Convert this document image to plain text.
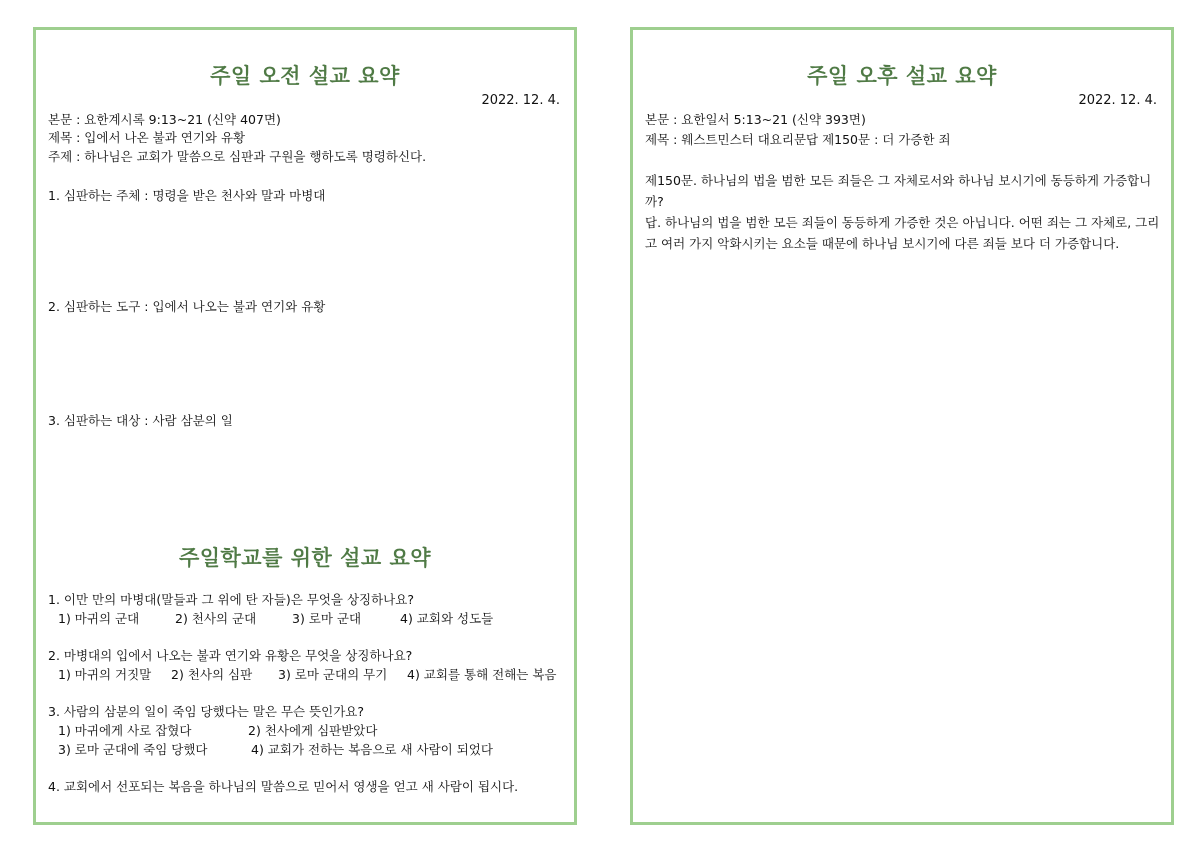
주일 오전 설교 요약
2022. 12. 4.
본문 : 요한계시록 9:13~21 (신약 407면)
제목 : 입에서 나온 불과 연기와 유황
주제 : 하나님은 교회가 말씀으로 심판과 구원을 행하도록 명령하신다.
1. 심판하는 주체 : 명령을 받은 천사와 말과 마병대
2. 심판하는 도구 : 입에서 나오는 불과 연기와 유황
3. 심판하는 대상 : 사람 삼분의 일
주일학교를 위한 설교 요약
1. 이만 만의 마병대(말들과 그 위에 탄 자들)은 무엇을 상징하나요?
1) 마귀의 군대	2) 천사의 군대	3) 로마 군대	4) 교회와 성도들
2. 마병대의 입에서 나오는 불과 연기와 유황은 무엇을 상징하나요?
1) 마귀의 거짓말 2) 천사의 심판 3) 로마 군대의 무기 4) 교회를 통해 전해는 복음
3. 사람의 삼분의 일이 죽임 당했다는 말은 무슨 뜻인가요?
1) 마귀에게 사로 잡혔다	2) 천사에게 심판받았다
3) 로마 군대에 죽임 당했다	4) 교회가 전하는 복음으로 새 사람이 되었다
4. 교회에서 선포되는 복음을 하나님의 말씀으로 믿어서 영생을 얻고 새 사람이 됩시다.
주일 오후 설교 요약
2022. 12. 4.
본문 : 요한일서 5:13~21 (신약 393면)
제목 : 웨스트민스터 대요리문답 제150문 : 더 가증한 죄
제150문. 하나님의 법을 범한 모든 죄들은 그 자체로서와 하나님 보시기에 동등하게 가증합니까?
답. 하나님의 법을 범한 모든 죄들이 동등하게 가증한 것은 아닙니다. 어떤 죄는 그 자체로, 그리고 여러 가지 악화시키는 요소들 때문에 하나님 보시기에 다른 죄들 보다 더 가증합니다.
